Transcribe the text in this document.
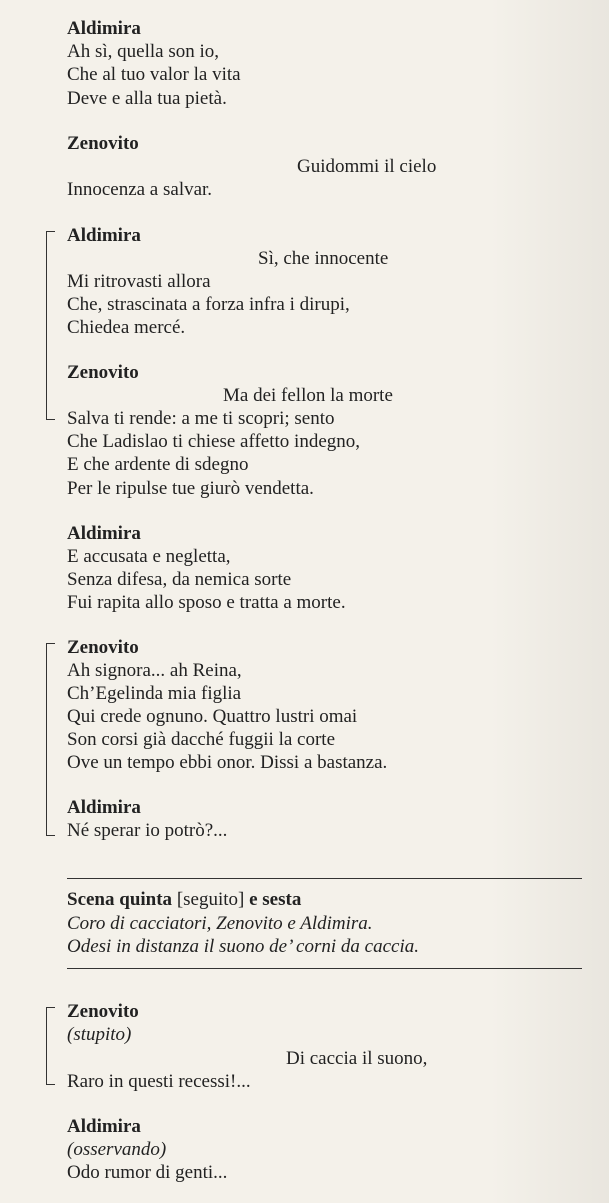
Aldimira
Ah sì, quella son io,
Che al tuo valor la vita
Deve e alla tua pietà.
Zenovito
Guidommi il cielo
Innocenza a salvar.
Aldimira
Sì, che innocente
Mi ritrovasti allora
Che, strascinata a forza infra i dirupi,
Chiedea mercé.
Zenovito
Ma dei fellon la morte
Salva ti rende: a me ti scopri; sento
Che Ladislao ti chiese affetto indegno,
E che ardente di sdegno
Per le ripulse tue giurò vendetta.
Aldimira
E accusata e negletta,
Senza difesa, da nemica sorte
Fui rapita allo sposo e tratta a morte.
Zenovito
Ah signora... ah Reina,
Ch’Egelinda mia figlia
Qui crede ognuno. Quattro lustri omai
Son corsi già dacché fuggii la corte
Ove un tempo ebbi onor. Dissi a bastanza.
Aldimira
Né sperar io potrò?...
Scena quinta [seguito] e sesta
Coro di cacciatori, Zenovito e Aldimira.
Odesi in distanza il suono de’ corni da caccia.
Zenovito
(stupito)
Di caccia il suono,
Raro in questi recessi!...
Aldimira
(osservando)
Odo rumor di genti...
